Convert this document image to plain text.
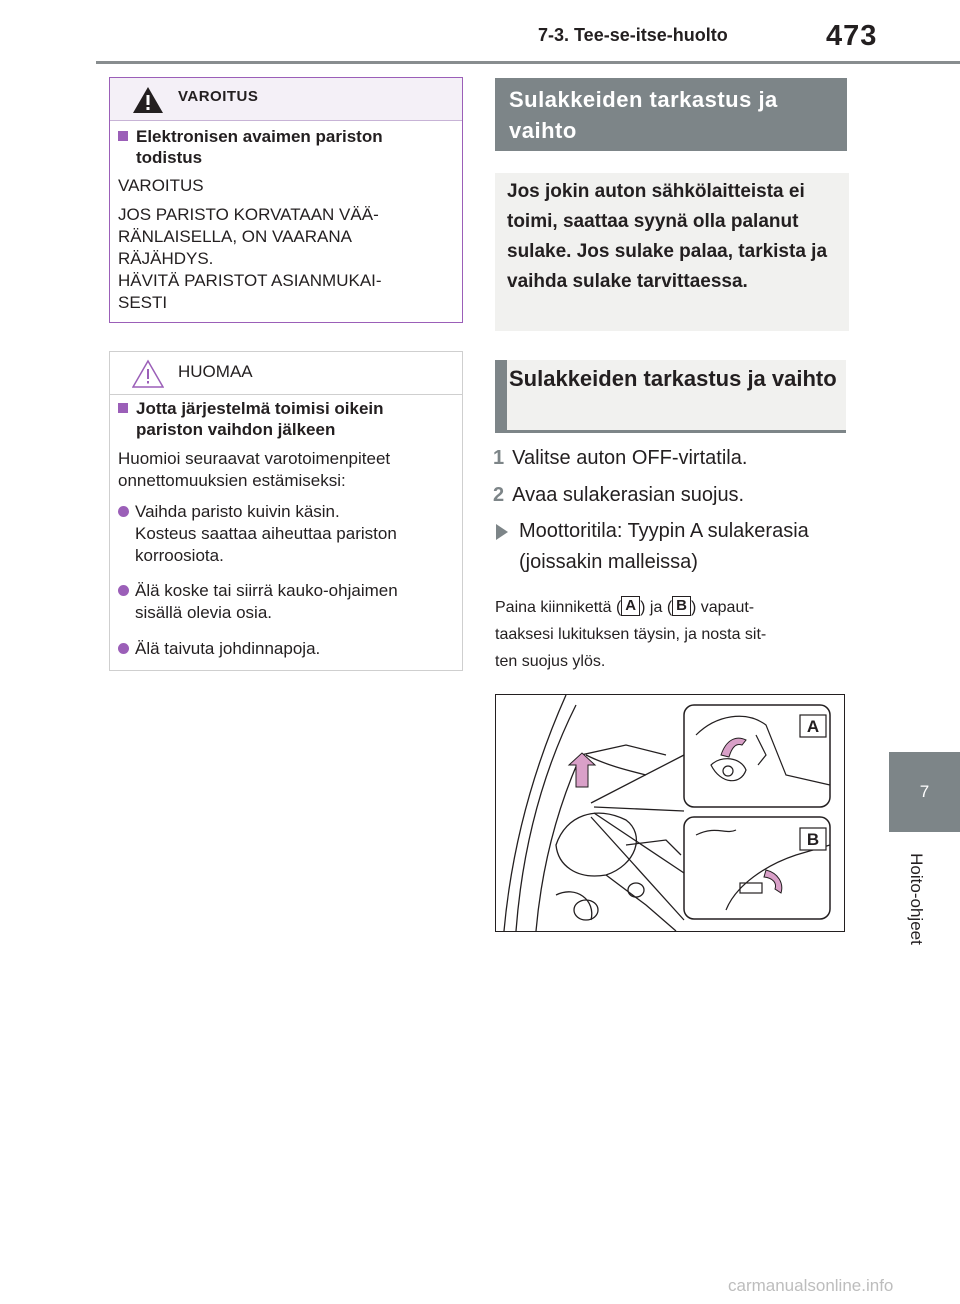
7-3. Tee-se-itse-huolto	473
7
Hoito-ohjeet
VAROITUS
Elektronisen avaimen pariston
todistus
VAROITUS
JOS PARISTO KORVATAAN VÄÄ-
RÄNLAISELLA, ON VAARANA
RÄJÄHDYS.
HÄVITÄ PARISTOT ASIANMUKAI-
SESTI
HUOMAA
Jotta järjestelmä toimisi oikein
pariston vaihdon jälkeen
Huomioi seuraavat varotoimenpiteet
onnettomuuksien estämiseksi:
Vaihda paristo kuivin käsin.
Kosteus saattaa aiheuttaa pariston
korroosiota.
Älä koske tai siirrä kauko-ohjaimen
sisällä olevia osia.
Älä taivuta johdinnapoja.
Sulakkeiden tarkastus ja vaihto
Jos jokin auton sähkölaitteista ei toimi, saattaa syynä olla palanut sulake. Jos sulake palaa, tarkista ja vaihda sulake tarvittaessa.
Sulakkeiden tarkastus ja vaihto
1 Valitse auton OFF-virtatila.
2 Avaa sulakerasian suojus.
Moottoritila: Tyypin A sulakerasia
(joissakin malleissa)
Paina kiinnikettä ( A ) ja ( B ) vapaut-
taaksesi lukituksen täysin, ja nosta sit-
ten suojus ylös.
A
B
carmanualsonline.info
